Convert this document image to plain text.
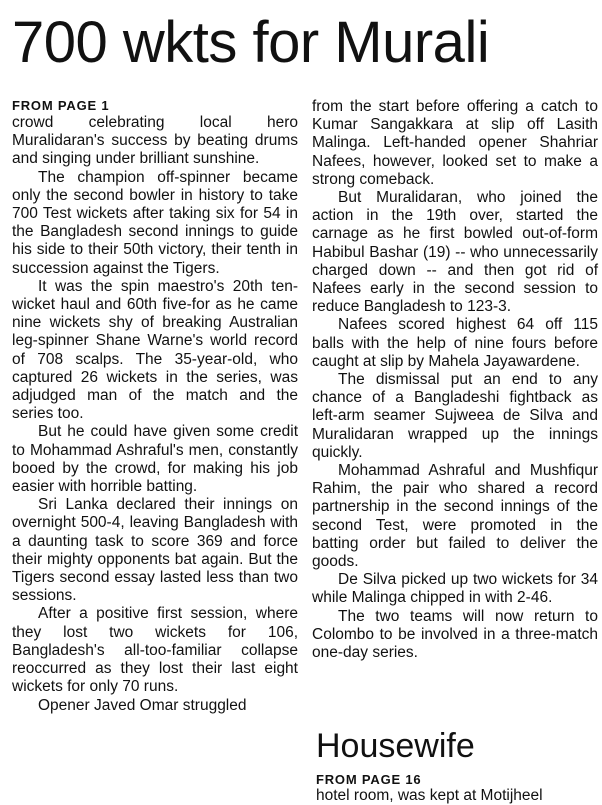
700 wkts for Murali
FROM PAGE 1

crowd celebrating local hero Muralidaran's success by beating drums and singing under brilliant sunshine.

The champion off-spinner became only the second bowler in history to take 700 Test wickets after taking six for 54 in the Bangladesh second innings to guide his side to their 50th victory, their tenth in succession against the Tigers.

It was the spin maestro's 20th ten-wicket haul and 60th five-for as he came nine wickets shy of breaking Australian leg-spinner Shane Warne's world record of 708 scalps. The 35-year-old, who captured 26 wickets in the series, was adjudged man of the match and the series too.

But he could have given some credit to Mohammad Ashraful's men, constantly booed by the crowd, for making his job easier with horrible batting.

Sri Lanka declared their innings on overnight 500-4, leaving Bangladesh with a daunting task to score 369 and force their mighty opponents bat again. But the Tigers second essay lasted less than two sessions.

After a positive first session, where they lost two wickets for 106, Bangladesh's all-too-familiar collapse reoccurred as they lost their last eight wickets for only 70 runs.

Opener Javed Omar struggled

from the start before offering a catch to Kumar Sangakkara at slip off Lasith Malinga. Left-handed opener Shahriar Nafees, however, looked set to make a strong comeback.

But Muralidaran, who joined the action in the 19th over, started the carnage as he first bowled out-of-form Habibul Bashar (19) -- who unnecessarily charged down -- and then got rid of Nafees early in the second session to reduce Bangladesh to 123-3.

Nafees scored highest 64 off 115 balls with the help of nine fours before caught at slip by Mahela Jayawardene.

The dismissal put an end to any chance of a Bangladeshi fightback as left-arm seamer Sujweea de Silva and Muralidaran wrapped up the innings quickly.

Mohammad Ashraful and Mushfiqur Rahim, the pair who shared a record partnership in the second innings of the second Test, were promoted in the batting order but failed to deliver the goods.

De Silva picked up two wickets for 34 while Malinga chipped in with 2-46.

The two teams will now return to Colombo to be involved in a three-match one-day series.

Housewife
FROM PAGE 16

hotel room, was kept at Motijheel
